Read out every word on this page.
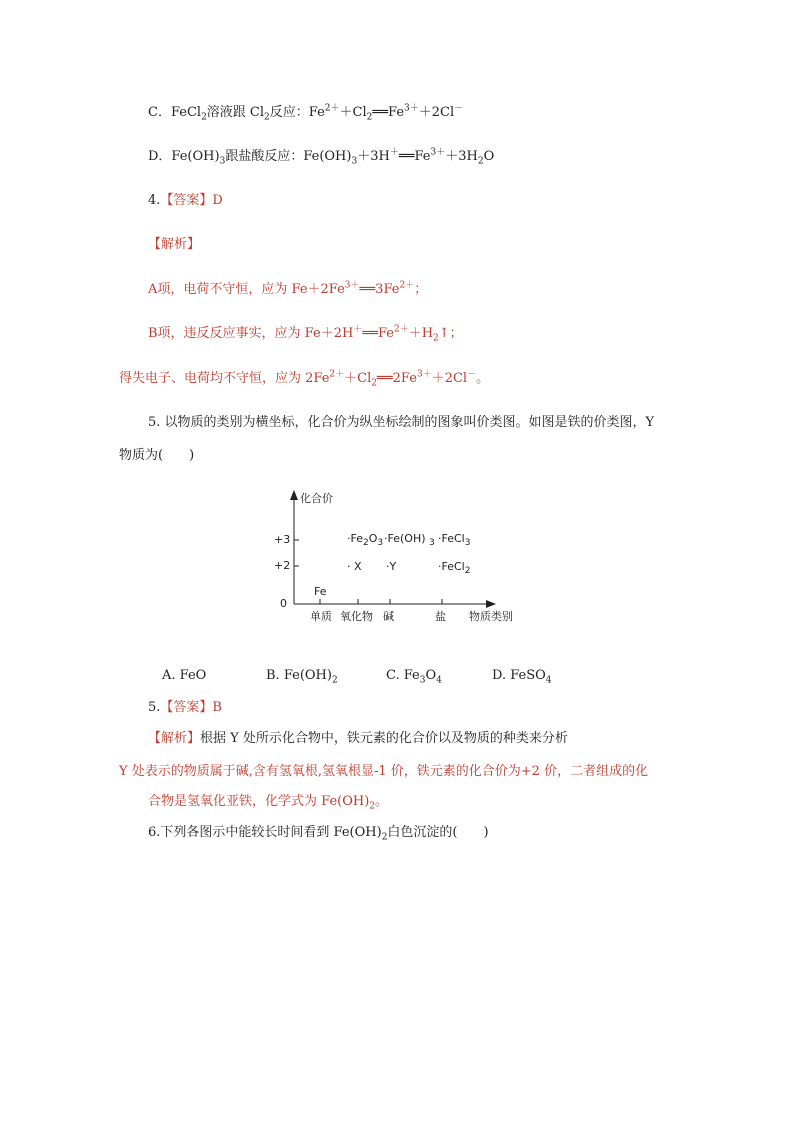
C．FeCl$_2$溶液跟 $Cl_2$反应：$Fe^{2+}+Cl_2══Fe^{3+}+2Cl^-$
D．$Fe(OH)_3$跟盐酸反应：$Fe(OH)_3+3H^+══Fe^{3+}+3H_2O$
4.【答案】D
【解析】
A项，电荷不守恒，应为 $Fe+2Fe^{3+}══3Fe^{2+}$；
B项，违反反应事实，应为 $Fe+2H^+══Fe^{2+}+H_2↑$；
得失电子、电荷均不守恒，应为 $2Fe^{2+}+Cl_2══2Fe^{3+}+2Cl^-$。
5. 以物质的类别为横坐标，化合价为纵坐标绘制的图象叫价类图。如图是铁的价类图，Y
物质为(　　)
化合价
+3
+2
0
Fe
$\cdot Fe_2O_3 \cdot Fe(OH)$ $_3$ ·FeCl$_3$
· X ·Y	·FeCl$_2$
单质 氧化物 碱	盐 物质类别
A. FeO	B. $Fe(OH)_2$	C. $Fe_3O_4$	D. FeSO$_4$
5.【答案】B
【解析】根据 Y 处所示化合物中，铁元素的化合价以及物质的种类来分析
Y 处表示的物质属于碱,含有氢氧根,氢氧根显-1 价，铁元素的化合价为+2 价，二者组成的化
合物是氢氧化亚铁，化学式为 $Fe(OH)_2$。
6.下列各图示中能较长时间看到 $Fe(OH)_2$白色沉淀的(　　)
